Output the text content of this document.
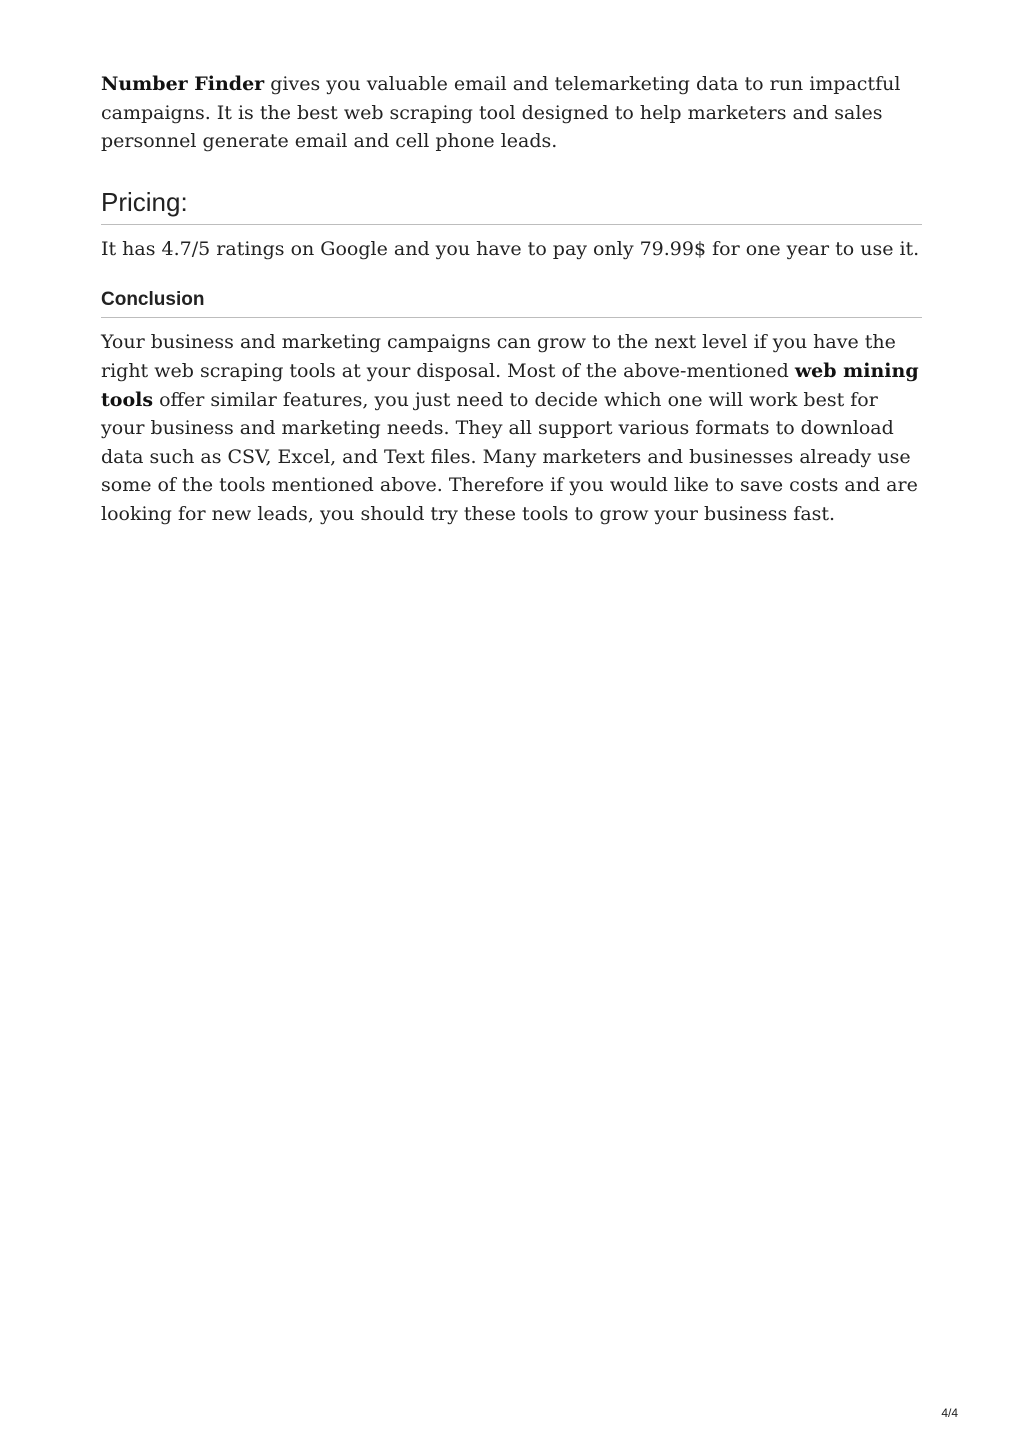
Number Finder gives you valuable email and telemarketing data to run impactful campaigns. It is the best web scraping tool designed to help marketers and sales personnel generate email and cell phone leads.

Pricing:

It has 4.7/5 ratings on Google and you have to pay only 79.99$ for one year to use it.

Conclusion

Your business and marketing campaigns can grow to the next level if you have the right web scraping tools at your disposal. Most of the above-mentioned web mining tools offer similar features, you just need to decide which one will work best for your business and marketing needs. They all support various formats to download data such as CSV, Excel, and Text files. Many marketers and businesses already use some of the tools mentioned above. Therefore if you would like to save costs and are looking for new leads, you should try these tools to grow your business fast.

4/4
